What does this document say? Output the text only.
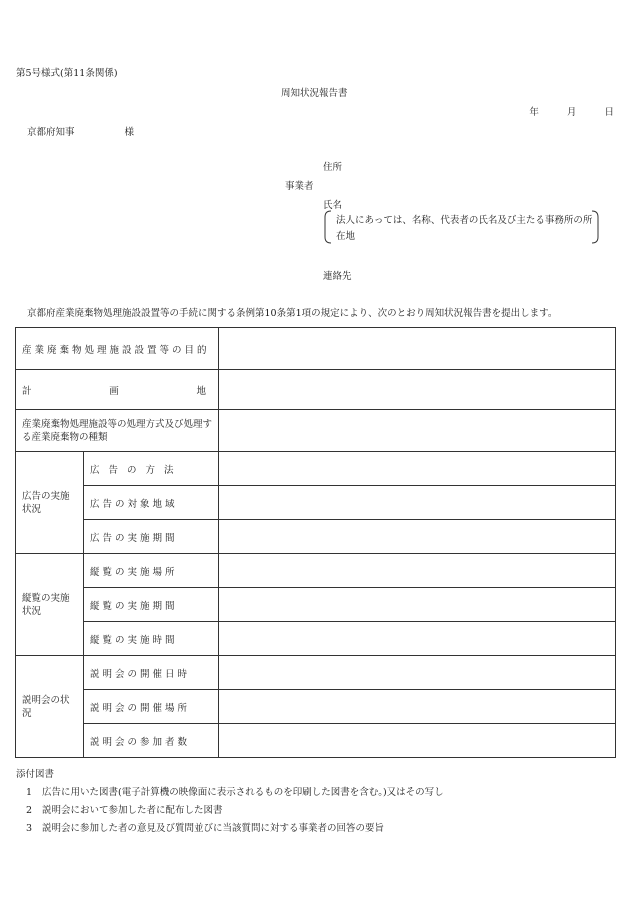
第5号様式(第11条関係)
周知状況報告書
年	月	日
京都府知事	様
住所
事業者
氏名
法人にあっては、名称、代表者の氏名及び主たる事務所の所在地
連絡先
京都府産業廃棄物処理施設設置等の手続に関する条例第10条第1項の規定により、次のとおり周知状況報告書を提出します。
産業廃棄物処理施設設置等の目的		

計 画 地		

産業廃棄物処理施設等の処理方式及び処理する産業廃棄物の種類		
広告の実施状況	広告の方法	
	広告の対象地域	
	広告の実施期間	
縦覧の実施状況	縦覧の実施場所	
	縦覧の実施期間	
	縦覧の実施時間	
説明会の状況	説明会の開催日時	
	説明会の開催場所	
	説明会の参加者数	
添付図書
1 広告に用いた図書(電子計算機の映像面に表示されるものを印刷した図書を含む。)又はその写し
2 説明会において参加した者に配布した図書
3 説明会に参加した者の意見及び質問並びに当該質問に対する事業者の回答の要旨
